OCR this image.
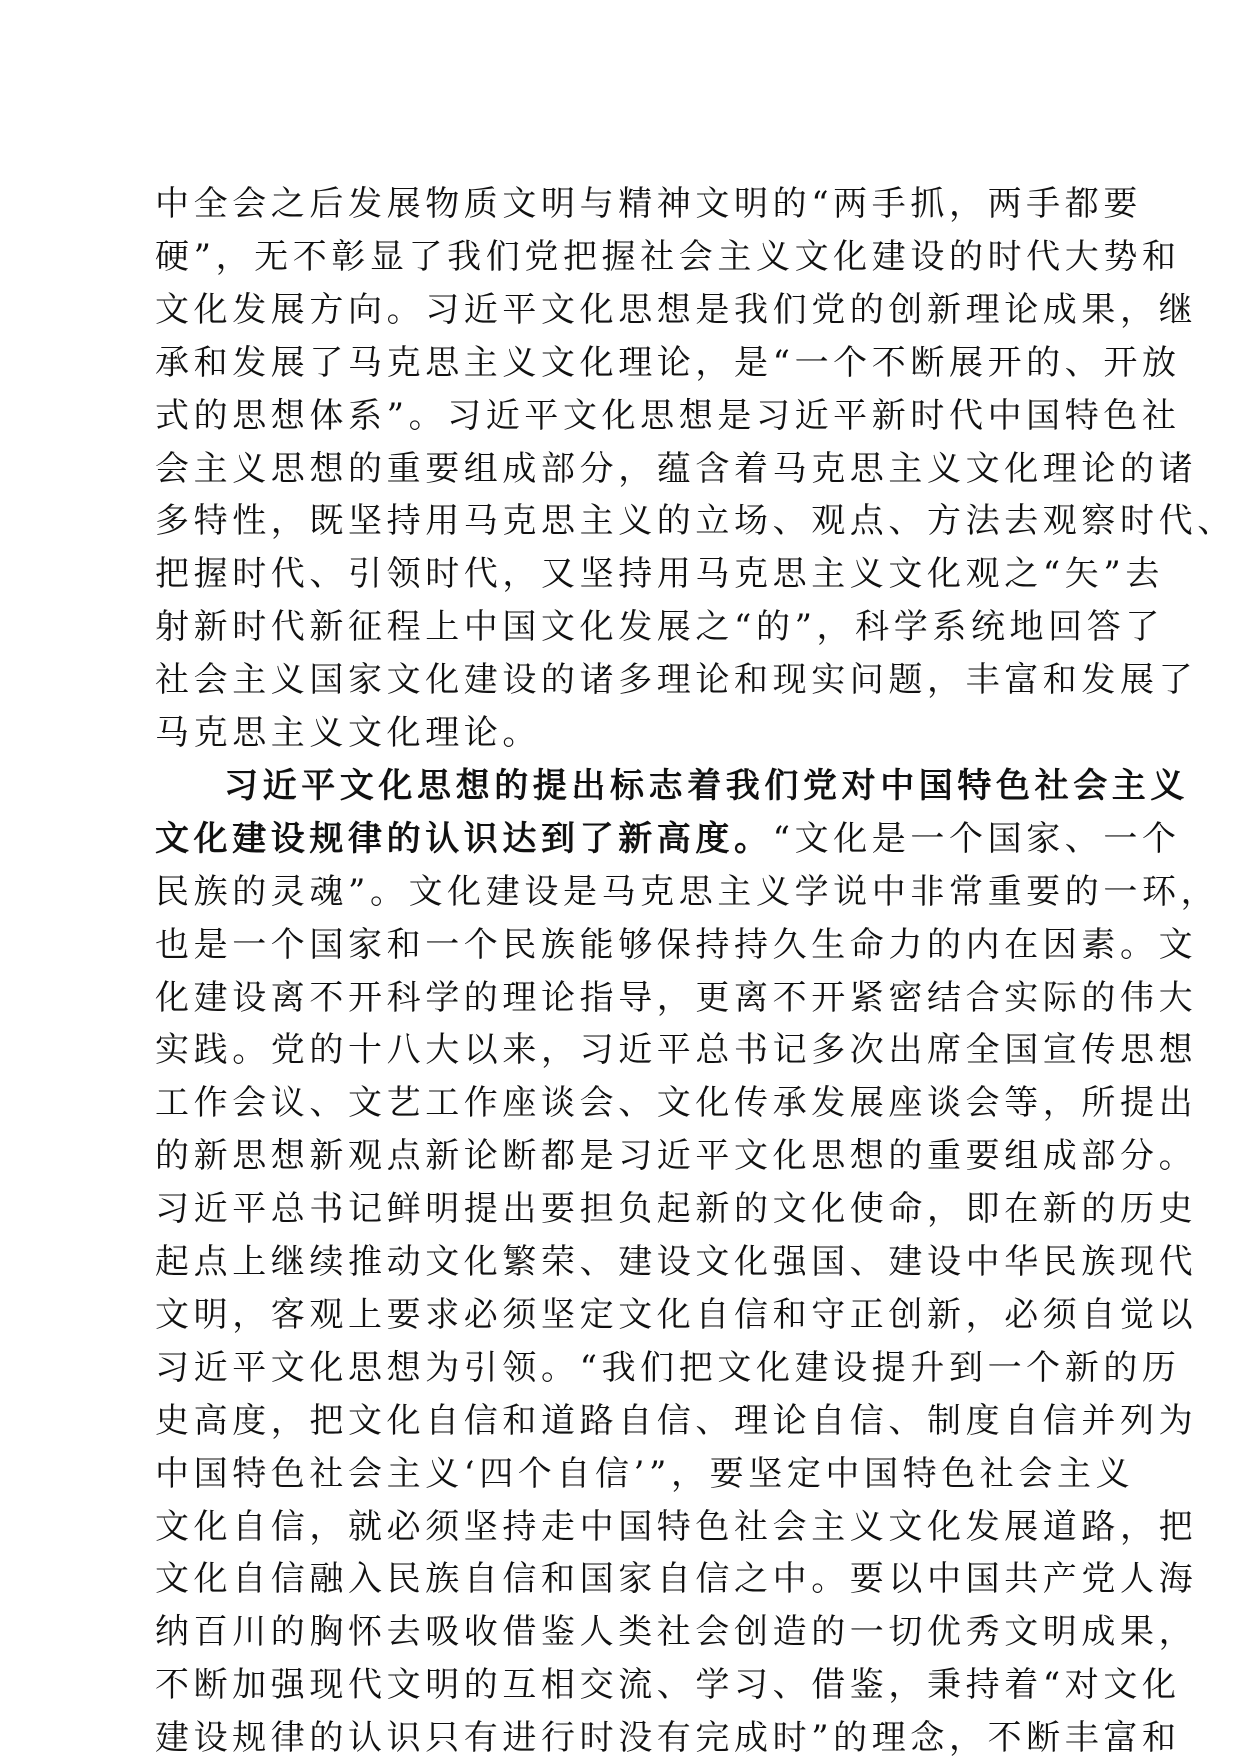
中全会之后发展物质文明与精神文明的“两手抓，两手都要
硬”，无不彰显了我们党把握社会主义文化建设的时代大势和
文化发展方向。习近平文化思想是我们党的创新理论成果，继
承和发展了马克思主义文化理论，是“一个不断展开的、开放
式的思想体系”。习近平文化思想是习近平新时代中国特色社
会主义思想的重要组成部分，蕴含着马克思主义文化理论的诸
多特性，既坚持用马克思主义的立场、观点、方法去观察时代、
把握时代、引领时代，又坚持用马克思主义文化观之“矢”去
射新时代新征程上中国文化发展之“的”，科学系统地回答了
社会主义国家文化建设的诸多理论和现实问题，丰富和发展了
马克思主义文化理论。
习近平文化思想的提出标志着我们党对中国特色社会主义
文化建设规律的认识达到了新高度。“文化是一个国家、一个
民族的灵魂”。文化建设是马克思主义学说中非常重要的一环，
也是一个国家和一个民族能够保持持久生命力的内在因素。文
化建设离不开科学的理论指导，更离不开紧密结合实际的伟大
实践。党的十八大以来，习近平总书记多次出席全国宣传思想
工作会议、文艺工作座谈会、文化传承发展座谈会等，所提出
的新思想新观点新论断都是习近平文化思想的重要组成部分。
习近平总书记鲜明提出要担负起新的文化使命，即在新的历史
起点上继续推动文化繁荣、建设文化强国、建设中华民族现代
文明，客观上要求必须坚定文化自信和守正创新，必须自觉以
习近平文化思想为引领。“我们把文化建设提升到一个新的历
史高度，把文化自信和道路自信、理论自信、制度自信并列为
中国特色社会主义‘四个自信’”，要坚定中国特色社会主义
文化自信，就必须坚持走中国特色社会主义文化发展道路，把
文化自信融入民族自信和国家自信之中。要以中国共产党人海
纳百川的胸怀去吸收借鉴人类社会创造的一切优秀文明成果，
不断加强现代文明的互相交流、学习、借鉴，秉持着“对文化
建设规律的认识只有进行时没有完成时”的理念，不断丰富和
